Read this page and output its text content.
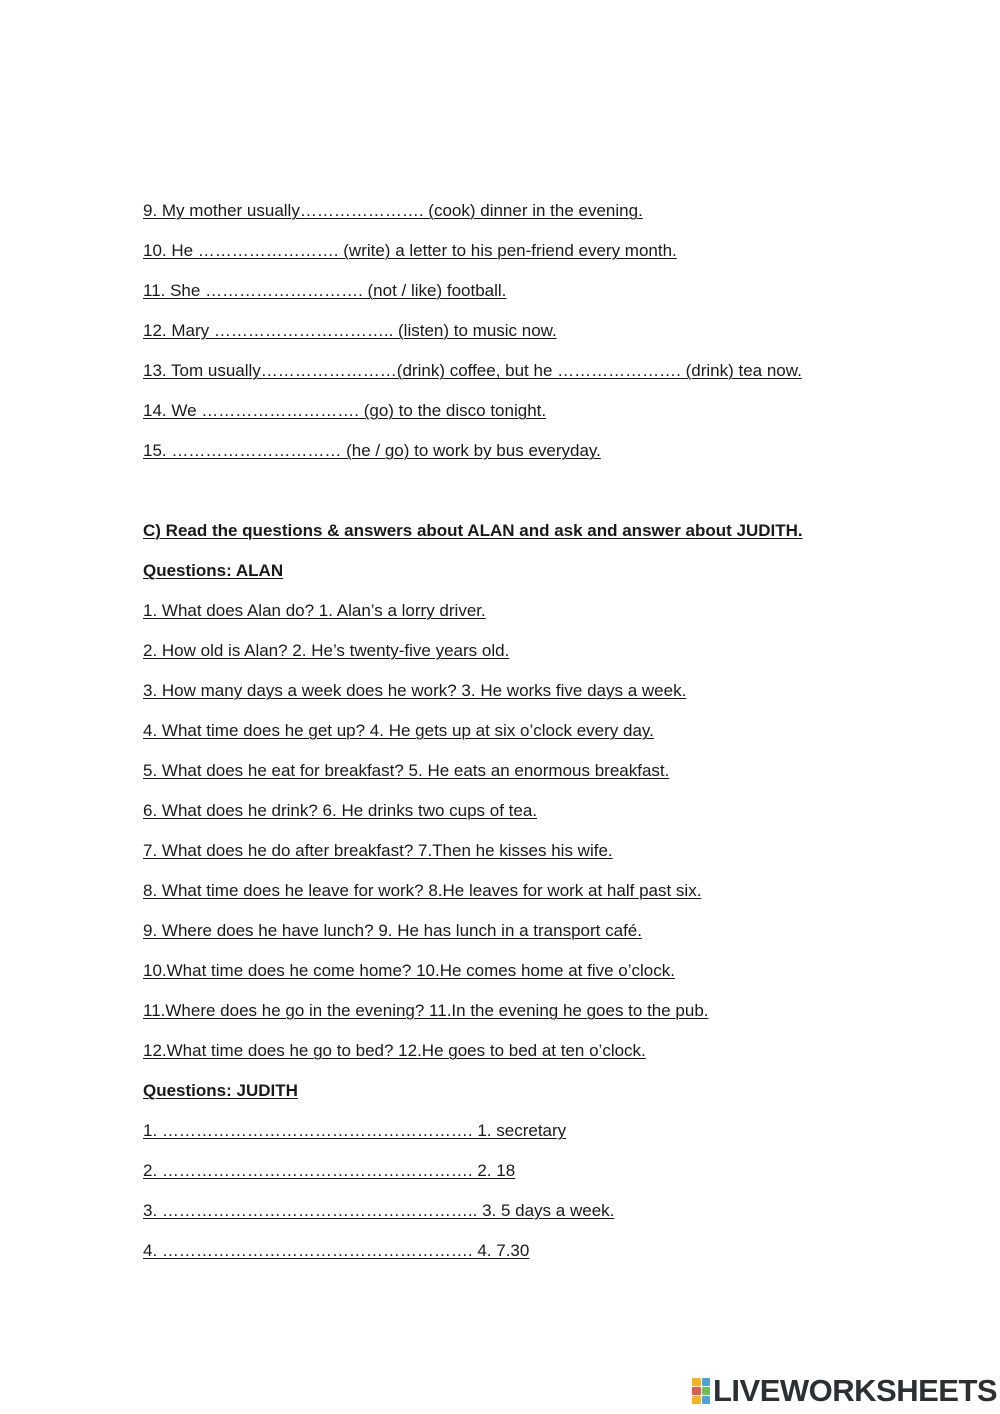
9. My mother usually…………………. (cook) dinner in the evening.
10. He ……………………. (write) a letter to his pen-friend every month.
11. She ………………………. (not / like) football.
12. Mary ………………………….. (listen) to music now.
13. Tom usually……………………(drink) coffee, but he …………………. (drink) tea now.
14. We ………………………. (go) to the disco tonight.
15. ………………………… (he / go) to work by bus everyday.
C) Read the questions & answers about ALAN and ask and answer about JUDITH.
Questions: ALAN
1. What does Alan do? 1. Alan’s a lorry driver.
2. How old is Alan? 2. He’s twenty-five years old.
3. How many days a week does he work? 3. He works five days a week.
4. What time does he get up? 4. He gets up at six o’clock every day.
5. What does he eat for breakfast? 5. He eats an enormous breakfast.
6. What does he drink? 6. He drinks two cups of tea.
7. What does he do after breakfast? 7.Then he kisses his wife.
8. What time does he leave for work? 8.He leaves for work at half past six.
9. Where does he have lunch? 9. He has lunch in a transport café.
10.What time does he come home? 10.He comes home at five o’clock.
11.Where does he go in the evening? 11.In the evening he goes to the pub.
12.What time does he go to bed? 12.He goes to bed at ten o’clock.
Questions: JUDITH
1. ………………………………………………. 1. secretary
2. ………………………………………………. 2. 18
3. ……………………………………………….. 3. 5 days a week.
4. ………………………………………………. 4. 7.30
LIVEWORKSHEETS
